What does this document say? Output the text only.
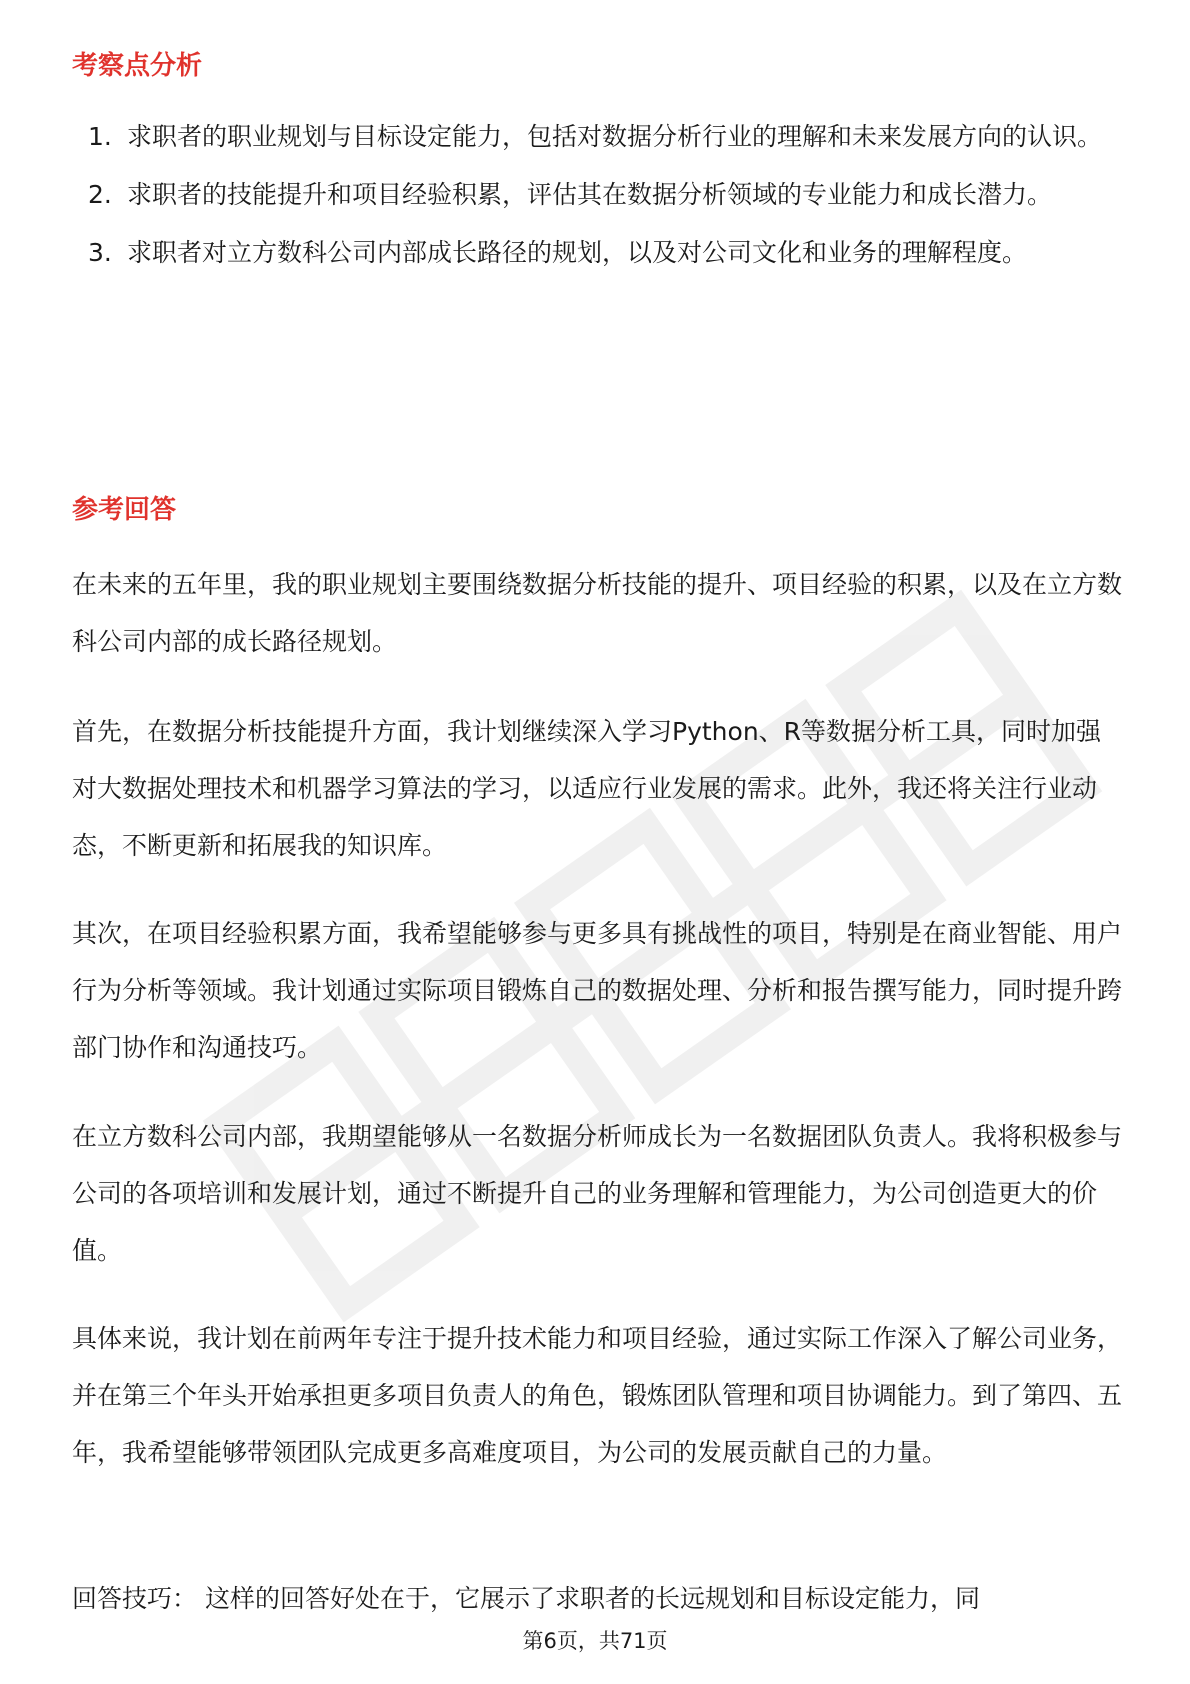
考察点分析
1. 求职者的职业规划与目标设定能力，包括对数据分析行业的理解和未来发展方向的认识。
2. 求职者的技能提升和项目经验积累，评估其在数据分析领域的专业能力和成长潜力。
3. 求职者对立方数科公司内部成长路径的规划，以及对公司文化和业务的理解程度。
参考回答

在未来的五年里，我的职业规划主要围绕数据分析技能的提升、项目经验的积累，以及在立方数科公司内部的成长路径规划。

首先，在数据分析技能提升方面，我计划继续深入学习Python、R等数据分析工具，同时加强对大数据处理技术和机器学习算法的学习，以适应行业发展的需求。此外，我还将关注行业动态，不断更新和拓展我的知识库。

其次，在项目经验积累方面，我希望能够参与更多具有挑战性的项目，特别是在商业智能、用户行为分析等领域。我计划通过实际项目锻炼自己的数据处理、分析和报告撰写能力，同时提升跨部门协作和沟通技巧。

在立方数科公司内部，我期望能够从一名数据分析师成长为一名数据团队负责人。我将积极参与公司的各项培训和发展计划，通过不断提升自己的业务理解和管理能力，为公司创造更大的价值。

具体来说，我计划在前两年专注于提升技术能力和项目经验，通过实际工作深入了解公司业务，并在第三个年头开始承担更多项目负责人的角色，锻炼团队管理和项目协调能力。到了第四、五年，我希望能够带领团队完成更多高难度项目，为公司的发展贡献自己的力量。

回答技巧： 这样的回答好处在于，它展示了求职者的长远规划和目标设定能力，同

第6页，共71页
